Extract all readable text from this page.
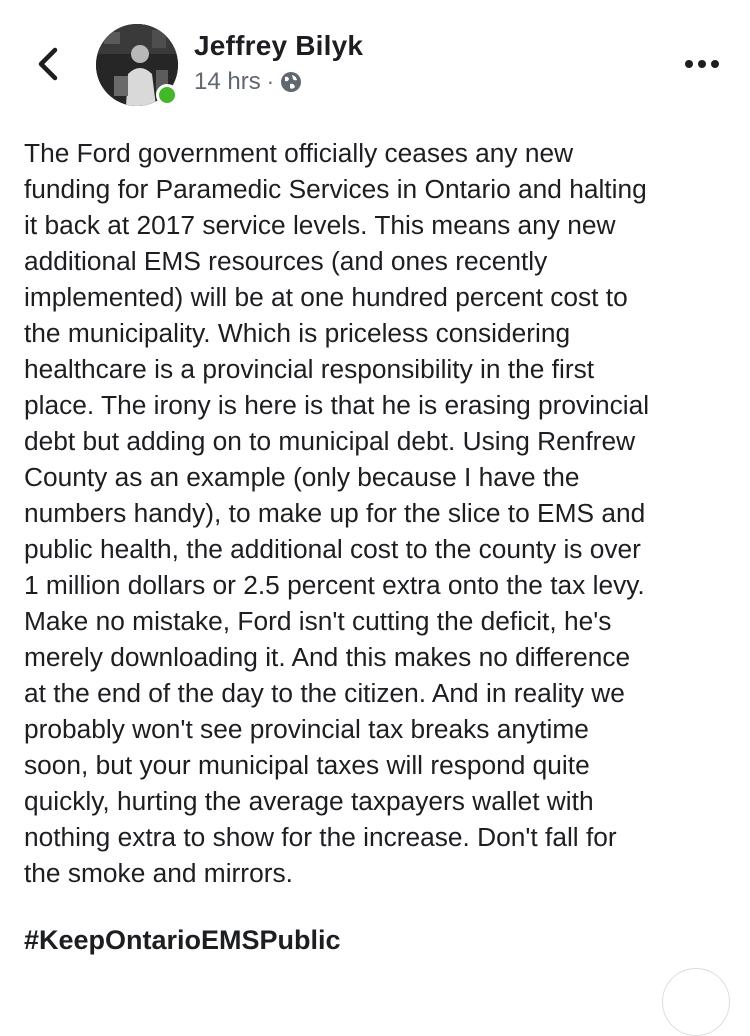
Jeffrey Bilyk
14 hrs ·

The Ford government officially ceases any new
funding for Paramedic Services in Ontario and halting
it back at 2017 service levels. This means any new
additional EMS resources (and ones recently
implemented) will be at one hundred percent cost to
the municipality. Which is priceless considering
healthcare is a provincial responsibility in the first
place. The irony is here is that he is erasing provincial
debt but adding on to municipal debt. Using Renfrew
County as an example (only because I have the
numbers handy), to make up for the slice to EMS and
public health, the additional cost to the county is over
1 million dollars or 2.5 percent extra onto the tax levy.
Make no mistake, Ford isn't cutting the deficit, he's
merely downloading it. And this makes no difference
at the end of the day to the citizen. And in reality we
probably won't see provincial tax breaks anytime
soon, but your municipal taxes will respond quite
quickly, hurting the average taxpayers wallet with
nothing extra to show for the increase. Don't fall for
the smoke and mirrors.

#KeepOntarioEMSPublic
